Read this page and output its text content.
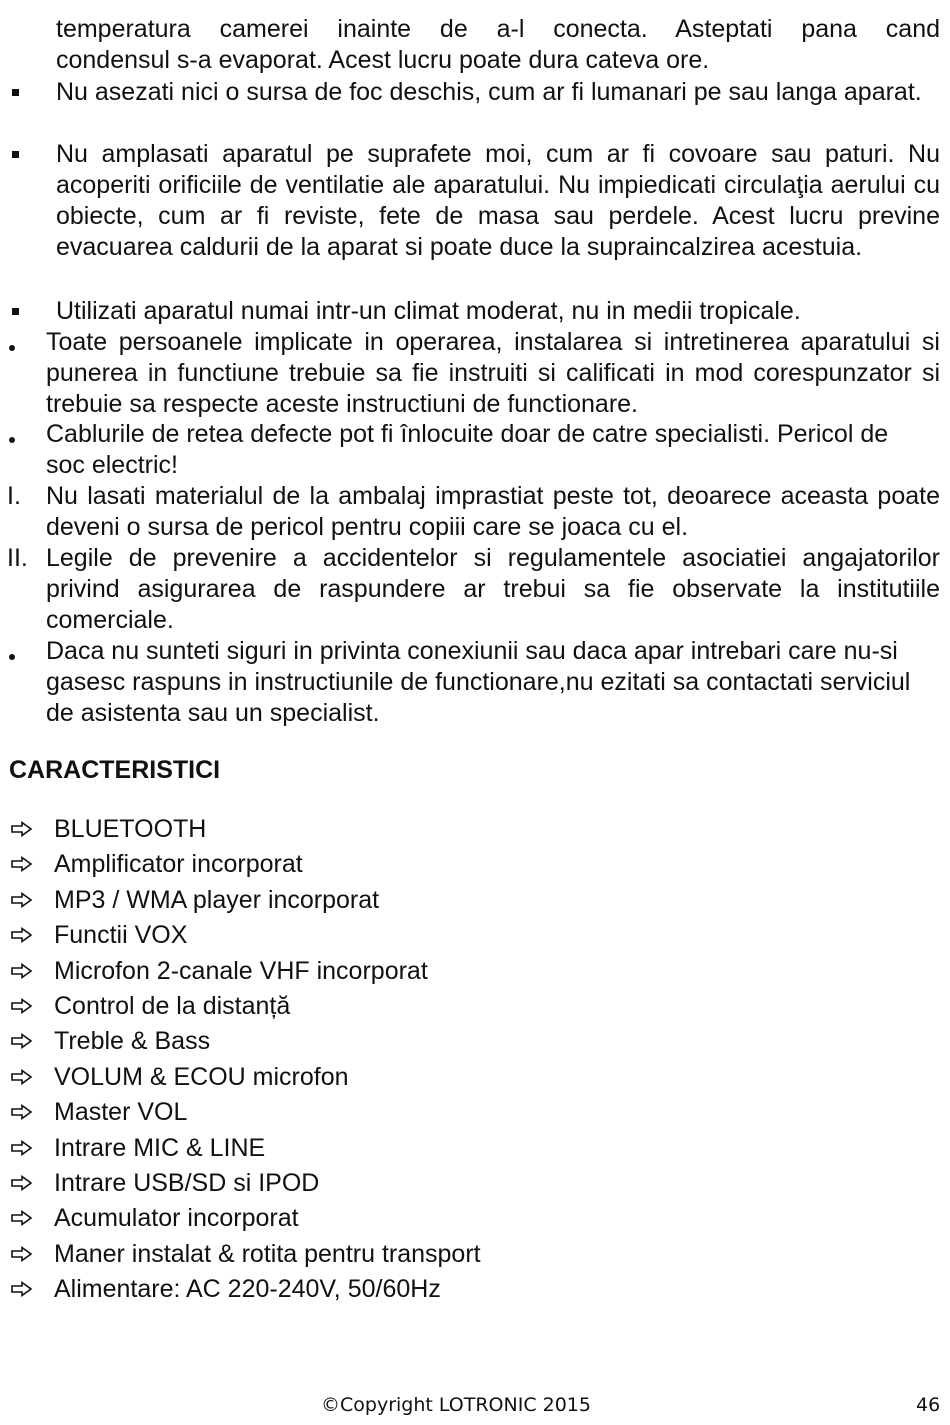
temperatura camerei inainte de a-l conecta. Asteptati pana cand
condensul s-a evaporat. Acest lucru poate dura cateva ore.
Nu asezati nici o sursa de foc deschis, cum ar fi lumanari pe sau langa aparat.
Nu amplasati aparatul pe suprafete moi, cum ar fi covoare sau paturi. Nu acoperiti orificiile de ventilatie ale aparatului. Nu impiedicati circulaţia aerului cu obiecte, cum ar fi reviste, fete de masa sau perdele. Acest lucru previne evacuarea caldurii de la aparat si poate duce la supraincalzirea acestuia.
Utilizati aparatul numai intr-un climat moderat, nu in medii tropicale.
Toate persoanele implicate in operarea, instalarea si intretinerea aparatului si punerea in functiune trebuie sa fie instruiti si calificati in mod corespunzator si trebuie sa respecte aceste instructiuni de functionare.
Cablurile de retea defecte pot fi înlocuite doar de catre specialisti. Pericol de soc electric!
I. Nu lasati materialul de la ambalaj imprastiat peste tot, deoarece aceasta poate deveni o sursa de pericol pentru copiii care se joaca cu el.
II. Legile de prevenire a accidentelor si regulamentele asociatiei angajatorilor privind asigurarea de raspundere ar trebui sa fie observate la institutiile comerciale.
Daca nu sunteti siguri in privinta conexiunii sau daca apar intrebari care nu-si gasesc raspuns in instructiunile de functionare,nu ezitati sa contactati serviciul de asistenta sau un specialist.
CARACTERISTICI
BLUETOOTH
Amplificator incorporat
MP3 / WMA player incorporat
Functii VOX
Microfon 2-canale VHF incorporat
Control de la distanță
Treble & Bass
VOLUM & ECOU microfon
Master VOL
Intrare MIC & LINE
Intrare USB/SD si IPOD
Acumulator incorporat
Maner instalat & rotita pentru transport
Alimentare: AC 220-240V, 50/60Hz
©Copyright LOTRONIC 2015	46
